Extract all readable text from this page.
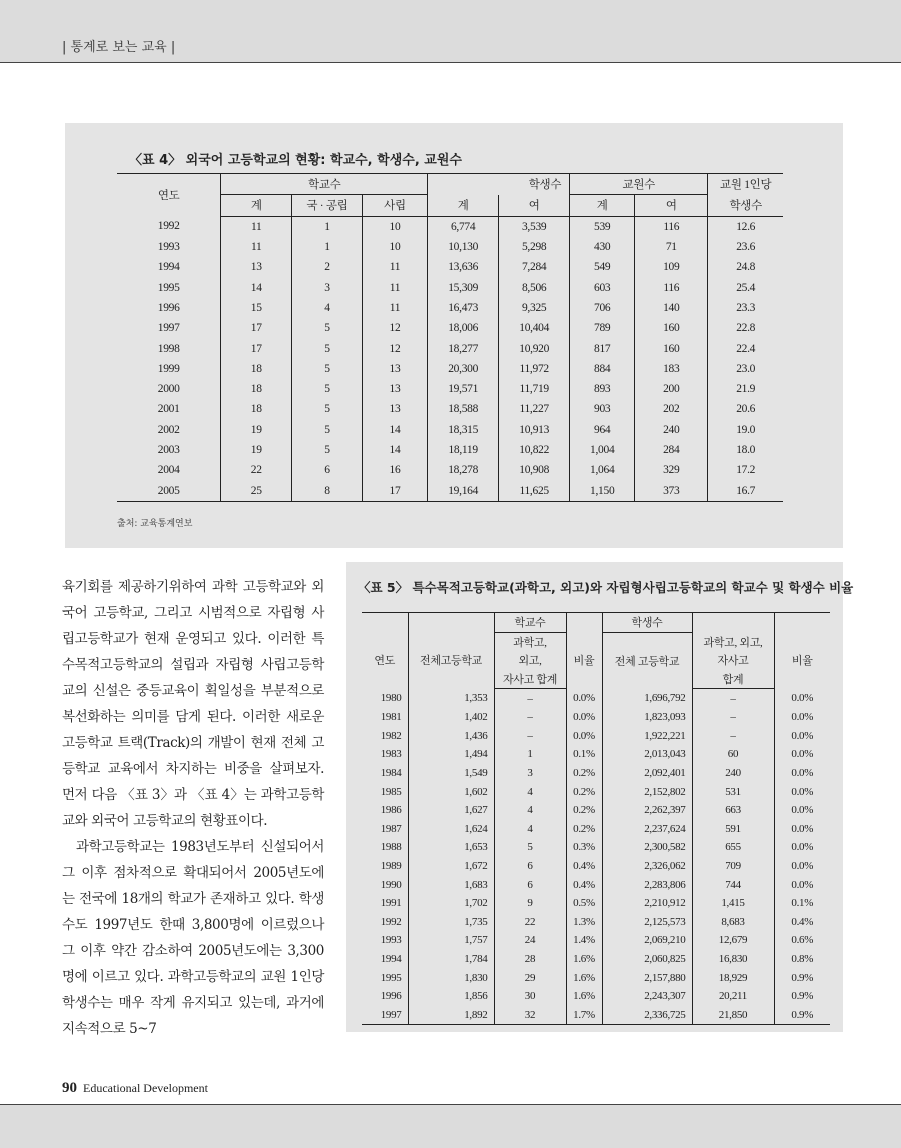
| 통계로 보는 교육 |
〈표 4〉 외국어 고등학교의 현황: 학교수, 학생수, 교원수
연도	학교수			학생수		교원수		교원 1인당
	계	국 · 공립	사립	계	여	계	여	학생수
1992	11	1	10	6,774	3,539	539	116	12.6
1993	11	1	10	10,130	5,298	430	71	23.6
1994	13	2	11	13,636	7,284	549	109	24.8
1995	14	3	11	15,309	8,506	603	116	25.4
1996	15	4	11	16,473	9,325	706	140	23.3
1997	17	5	12	18,006	10,404	789	160	22.8
1998	17	5	12	18,277	10,920	817	160	22.4
1999	18	5	13	20,300	11,972	884	183	23.0
2000	18	5	13	19,571	11,719	893	200	21.9
2001	18	5	13	18,588	11,227	903	202	20.6
2002	19	5	14	18,315	10,913	964	240	19.0
2003	19	5	14	18,119	10,822	1,004	284	18.0
2004	22	6	16	18,278	10,908	1,064	329	17.2
2005	25	8	17	19,164	11,625	1,150	373	16.7
출처: 교육통계연보

육기회를 제공하기위하여 과학 고등학교와 외국어 고등학교, 그리고 시범적으로 자립형 사립고등학교가 현재 운영되고 있다. 이러한 특수목적고등학교의 설립과 자립형 사립고등학교의 신설은 중등교육이 획일성을 부분적으로 복선화하는 의미를 담게 된다. 이러한 새로운 고등학교 트랙(Track)의 개발이 현재 전체 고등학교 교육에서 차지하는 비중을 살펴보자. 먼저 다음 〈표 3〉과 〈표 4〉는 과학고등학교와 외국어 고등학교의 현황표이다.

과학고등학교는 1983년도부터 신설되어서 그 이후 점차적으로 확대되어서 2005년도에는 전국에 18개의 학교가 존재하고 있다. 학생수도 1997년도 한때 3,800명에 이르렀으나 그 이후 약간 감소하여 2005년도에는 3,300명에 이르고 있다. 과학고등학교의 교원 1인당 학생수는 매우 작게 유지되고 있는데, 과거에 지속적으로 5~7

〈표 5〉 특수목적고등학교(과학고, 외고)와 자립형사립고등학교의 학교수 및 학생수 비율
		학교수		학생수		
연도	전체고등학교	과학고,	비율	전체 고등학교	과학고, 외고,	비율
		외고,			자사고	
		자사고 합계			합계	
1980	1,353	–	0.0%	1,696,792	–	0.0%
1981	1,402	–	0.0%	1,823,093	–	0.0%
1982	1,436	–	0.0%	1,922,221	–	0.0%
1983	1,494	1	0.1%	2,013,043	60	0.0%
1984	1,549	3	0.2%	2,092,401	240	0.0%
1985	1,602	4	0.2%	2,152,802	531	0.0%
1986	1,627	4	0.2%	2,262,397	663	0.0%
1987	1,624	4	0.2%	2,237,624	591	0.0%
1988	1,653	5	0.3%	2,300,582	655	0.0%
1989	1,672	6	0.4%	2,326,062	709	0.0%
1990	1,683	6	0.4%	2,283,806	744	0.0%
1991	1,702	9	0.5%	2,210,912	1,415	0.1%
1992	1,735	22	1.3%	2,125,573	8,683	0.4%
1993	1,757	24	1.4%	2,069,210	12,679	0.6%
1994	1,784	28	1.6%	2,060,825	16,830	0.8%
1995	1,830	29	1.6%	2,157,880	18,929	0.9%
1996	1,856	30	1.6%	2,243,307	20,211	0.9%
1997	1,892	32	1.7%	2,336,725	21,850	0.9%
90 Educational Development
